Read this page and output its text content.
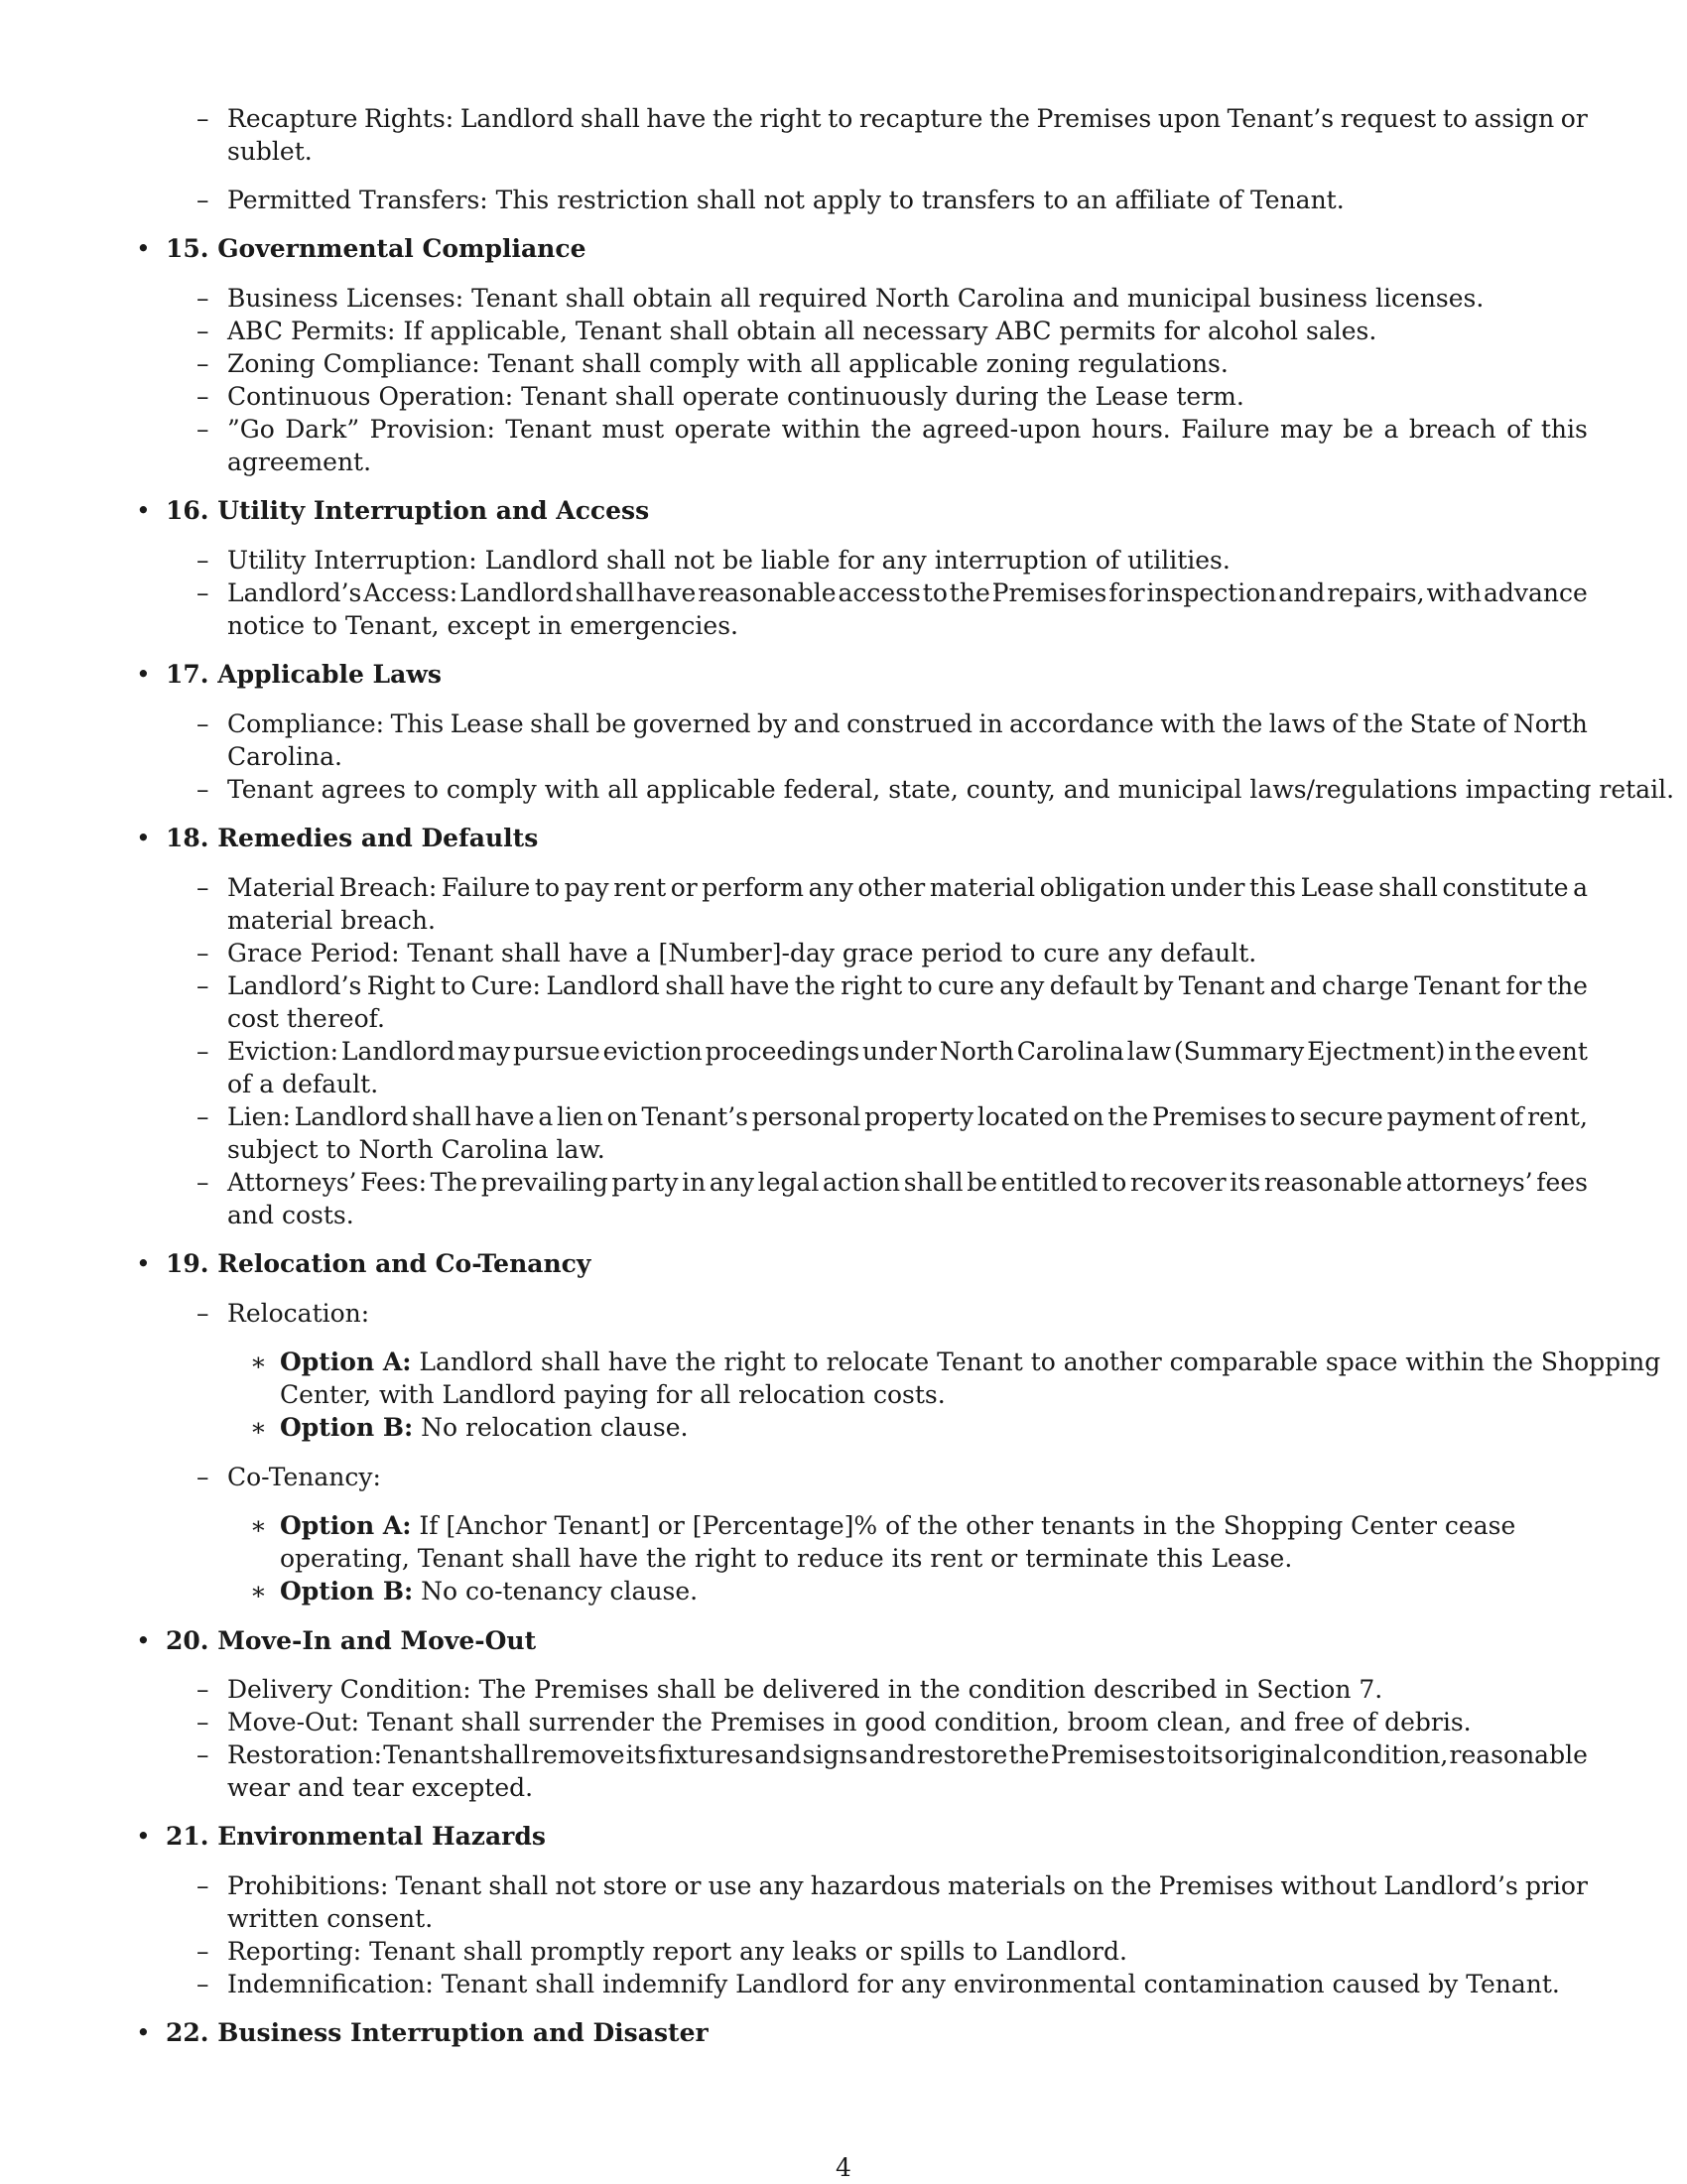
– Recapture Rights: Landlord shall have the right to recapture the Premises upon Tenant’s request to assign or
sublet.
– Permitted Transfers: This restriction shall not apply to transfers to an affiliate of Tenant.
• 15. Governmental Compliance
– Business Licenses: Tenant shall obtain all required North Carolina and municipal business licenses.
– ABC Permits: If applicable, Tenant shall obtain all necessary ABC permits for alcohol sales.
– Zoning Compliance: Tenant shall comply with all applicable zoning regulations.
– Continuous Operation: Tenant shall operate continuously during the Lease term.
– ”Go Dark” Provision: Tenant must operate within the agreed-upon hours. Failure may be a breach of this
agreement.
• 16. Utility Interruption and Access
– Utility Interruption: Landlord shall not be liable for any interruption of utilities.
– Landlord’s Access: Landlord shall have reasonable access to the Premises for inspection and repairs, with advance
notice to Tenant, except in emergencies.
• 17. Applicable Laws
– Compliance: This Lease shall be governed by and construed in accordance with the laws of the State of North
Carolina.
– Tenant agrees to comply with all applicable federal, state, county, and municipal laws/regulations impacting retail.
• 18. Remedies and Defaults
– Material Breach: Failure to pay rent or perform any other material obligation under this Lease shall constitute a
material breach.
– Grace Period: Tenant shall have a [Number]-day grace period to cure any default.
– Landlord’s Right to Cure: Landlord shall have the right to cure any default by Tenant and charge Tenant for the
cost thereof.
– Eviction: Landlord may pursue eviction proceedings under North Carolina law (Summary Ejectment) in the event
of a default.
– Lien: Landlord shall have a lien on Tenant’s personal property located on the Premises to secure payment of rent,
subject to North Carolina law.
– Attorneys’ Fees: The prevailing party in any legal action shall be entitled to recover its reasonable attorneys’ fees
and costs.
• 19. Relocation and Co-Tenancy
– Relocation:
∗ Option A: Landlord shall have the right to relocate Tenant to another comparable space within the Shopping
Center, with Landlord paying for all relocation costs.
∗ Option B: No relocation clause.
– Co-Tenancy:
∗ Option A: If [Anchor Tenant] or [Percentage]% of the other tenants in the Shopping Center cease
operating, Tenant shall have the right to reduce its rent or terminate this Lease.
∗ Option B: No co-tenancy clause.
• 20. Move-In and Move-Out
– Delivery Condition: The Premises shall be delivered in the condition described in Section 7.
– Move-Out: Tenant shall surrender the Premises in good condition, broom clean, and free of debris.
– Restoration: Tenant shall remove its fixtures and signs and restore the Premises to its original condition, reasonable
wear and tear excepted.
• 21. Environmental Hazards
– Prohibitions: Tenant shall not store or use any hazardous materials on the Premises without Landlord’s prior
written consent.
– Reporting: Tenant shall promptly report any leaks or spills to Landlord.
– Indemnification: Tenant shall indemnify Landlord for any environmental contamination caused by Tenant.
• 22. Business Interruption and Disaster
4
